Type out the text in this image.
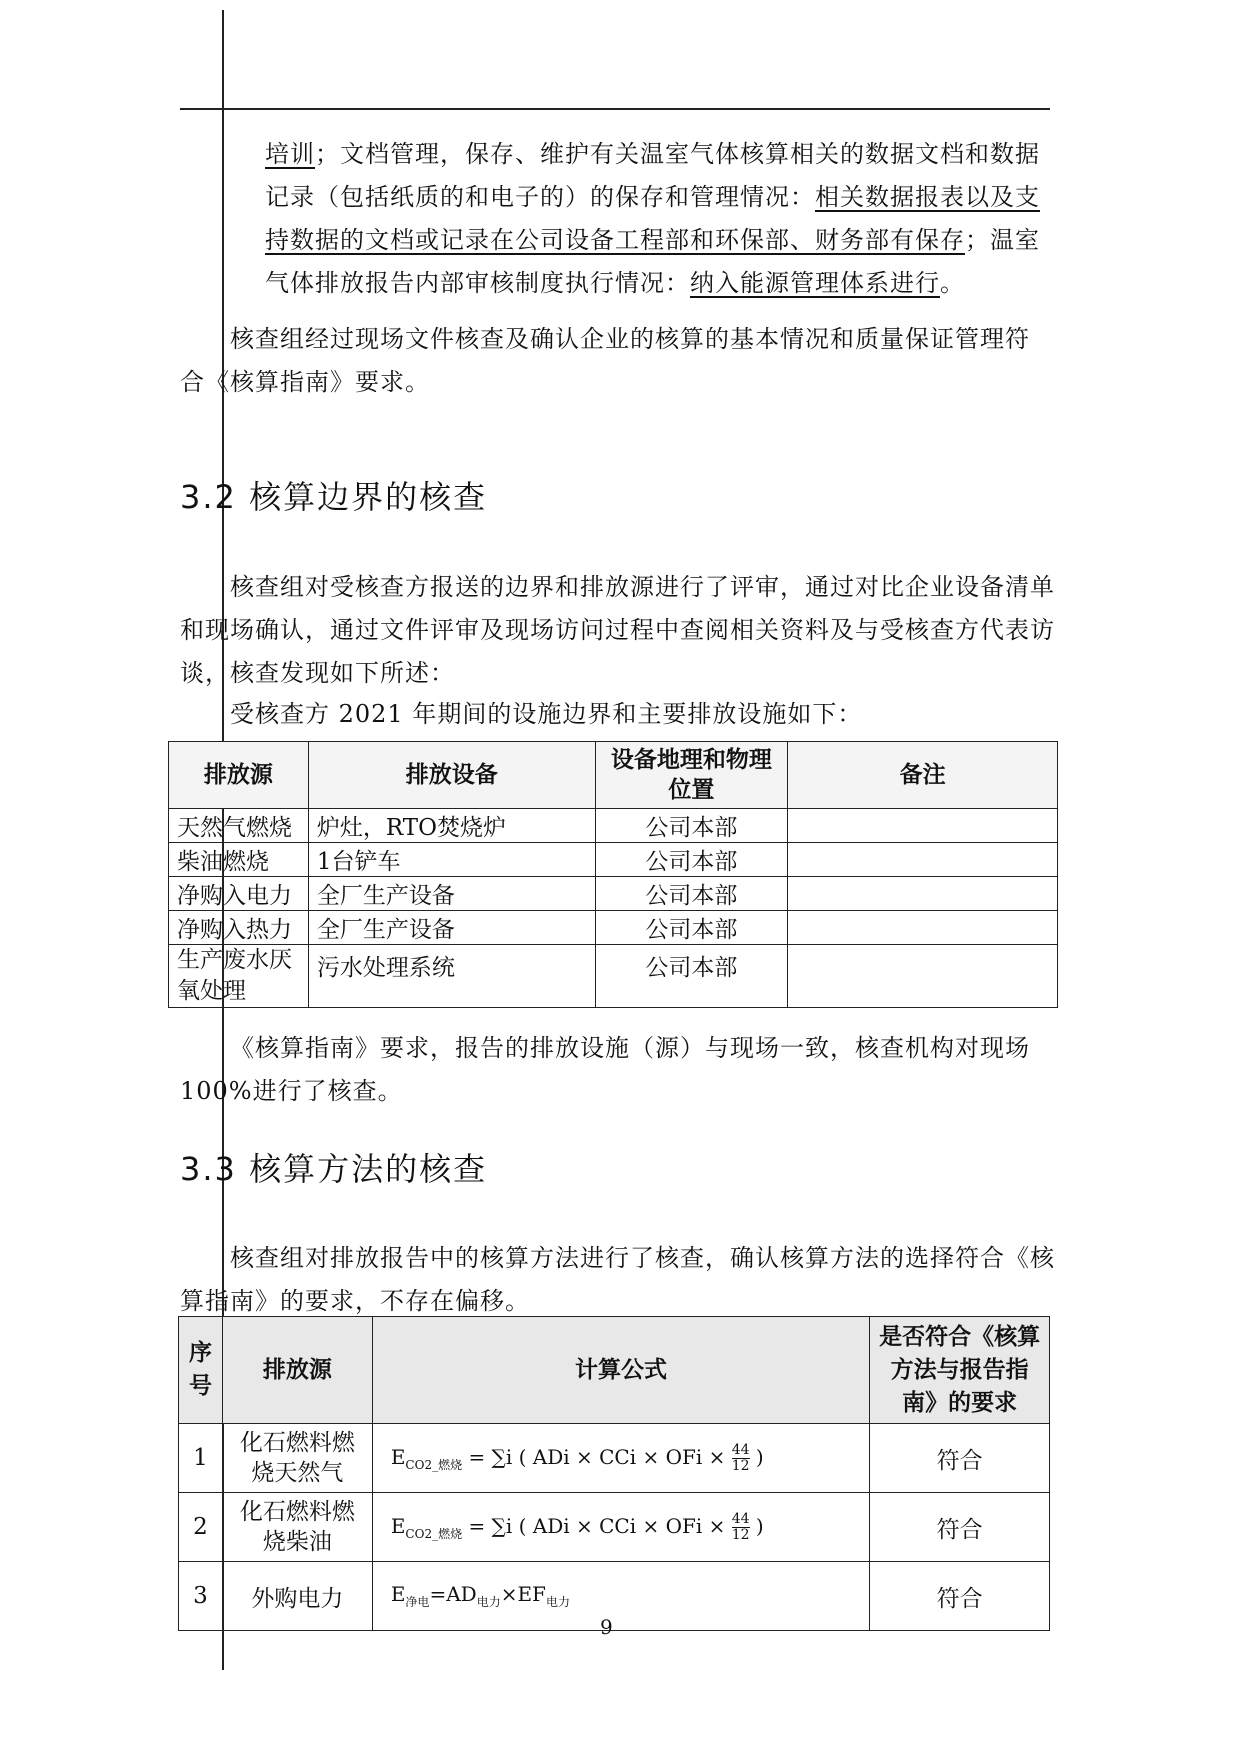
培训；文档管理，保存、维护有关温室气体核算相关的数据文档和数据
记录（包括纸质的和电子的）的保存和管理情况：相关数据报表以及支
持数据的文档或记录在公司设备工程部和环保部、财务部有保存；温室
气体排放报告内部审核制度执行情况：纳入能源管理体系进行。
核查组经过现场文件核查及确认企业的核算的基本情况和质量保证管理符
合《核算指南》要求。
3.2 核算边界的核查
核查组对受核查方报送的边界和排放源进行了评审，通过对比企业设备清单
和现场确认，通过文件评审及现场访问过程中查阅相关资料及与受核查方代表访
谈，核查发现如下所述：
受核查方 2021 年期间的设施边界和主要排放设施如下：
排放源	排放设备	设备地理和物理位置	备注
天然气燃烧	炉灶，RTO焚烧炉	公司本部	
柴油燃烧	1台铲车	公司本部	
净购入电力	全厂生产设备	公司本部	
净购入热力	全厂生产设备	公司本部	
生产废水厌氧处理	污水处理系统	公司本部	
《核算指南》要求，报告的排放设施（源）与现场一致，核查机构对现场
100%进行了核查。
3.3 核算方法的核查
核查组对排放报告中的核算方法进行了核查，确认核算方法的选择符合《核
算指南》的要求，不存在偏移。
序号	排放源	计算公式	是否符合《核算方法与报告指南》的要求
1	化石燃料燃烧天然气	$E_{CO2\_燃烧} = \sum i$ ( ADi × CCi × OFi × $\frac{44}{12}$ )	符合
2	化石燃料燃烧柴油	$E_{CO2\_燃烧} = \sum i$ ( ADi × CCi × OFi × $\frac{44}{12}$ )	符合
3	外购电力	$E_{净电}=AD_{电力}\times EF_{电力}$	符合
9
